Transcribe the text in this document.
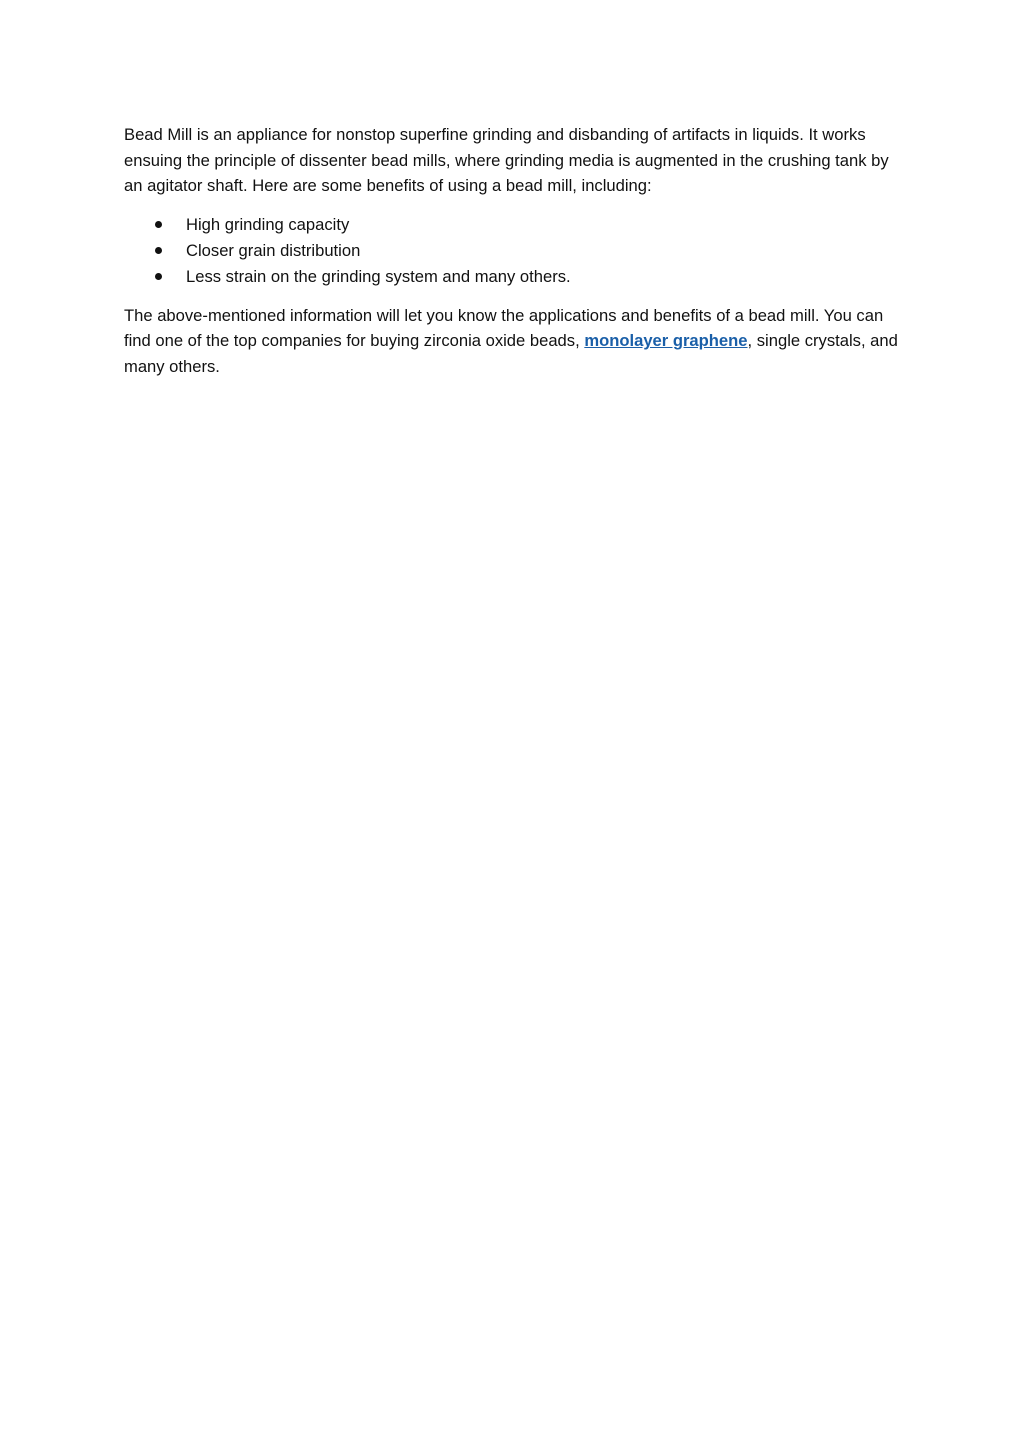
Bead Mill is an appliance for nonstop superfine grinding and disbanding of artifacts in liquids. It works ensuing the principle of dissenter bead mills, where grinding media is augmented in the crushing tank by an agitator shaft. Here are some benefits of using a bead mill, including:

High grinding capacity
Closer grain distribution
Less strain on the grinding system and many others.

The above-mentioned information will let you know the applications and benefits of a bead mill. You can find one of the top companies for buying zirconia oxide beads, monolayer graphene, single crystals, and many others.
